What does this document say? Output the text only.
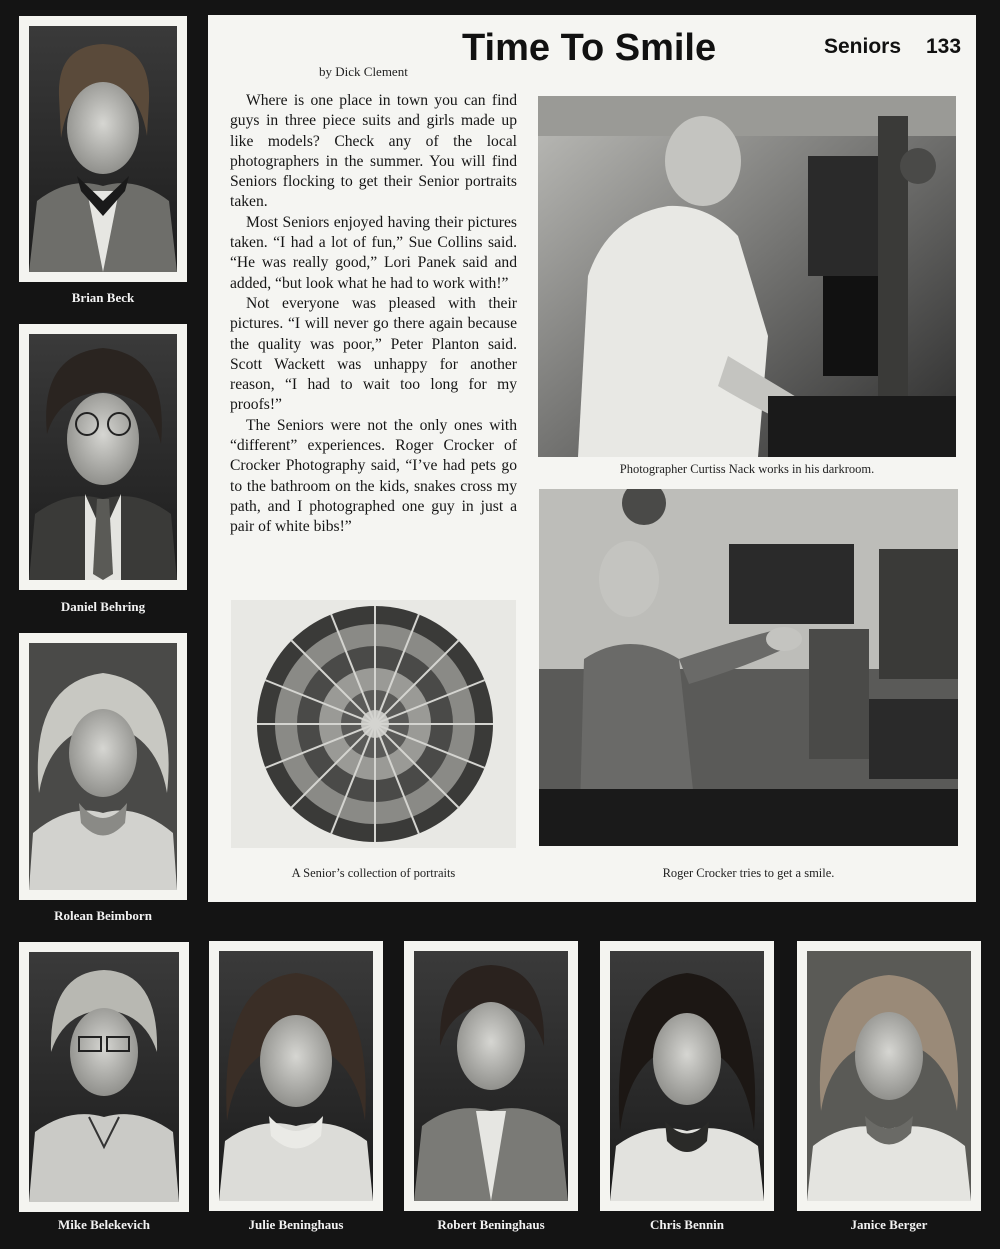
Brian Beck
Daniel Behring
Rolean Beimborn
Time To Smile
by Dick Clement
Seniors 133

Where is one place in town you can find guys in three piece suits and girls made up like models? Check any of the local photographers in the summer. You will find Seniors flocking to get their Senior portraits taken.

Most Seniors enjoyed having their pictures taken. “I had a lot of fun,” Sue Collins said. “He was really good,” Lori Panek said and added, “but look what he had to work with!”

Not everyone was pleased with their pictures. “I will never go there again because the quality was poor,” Peter Planton said. Scott Wackett was unhappy for another reason, “I had to wait too long for my proofs!”

The Seniors were not the only ones with “different” experiences. Roger Crocker of Crocker Photography said, “I’ve had pets go to the bathroom on the kids, snakes cross my path, and I photographed one guy in just a pair of white bibs!”

Photographer Curtiss Nack works in his darkroom.
A Senior’s collection of portraits	Roger Crocker tries to get a smile.
Mike Belekevich	Julie Beninghaus	Robert Beninghaus	Chris Bennin	Janice Berger
